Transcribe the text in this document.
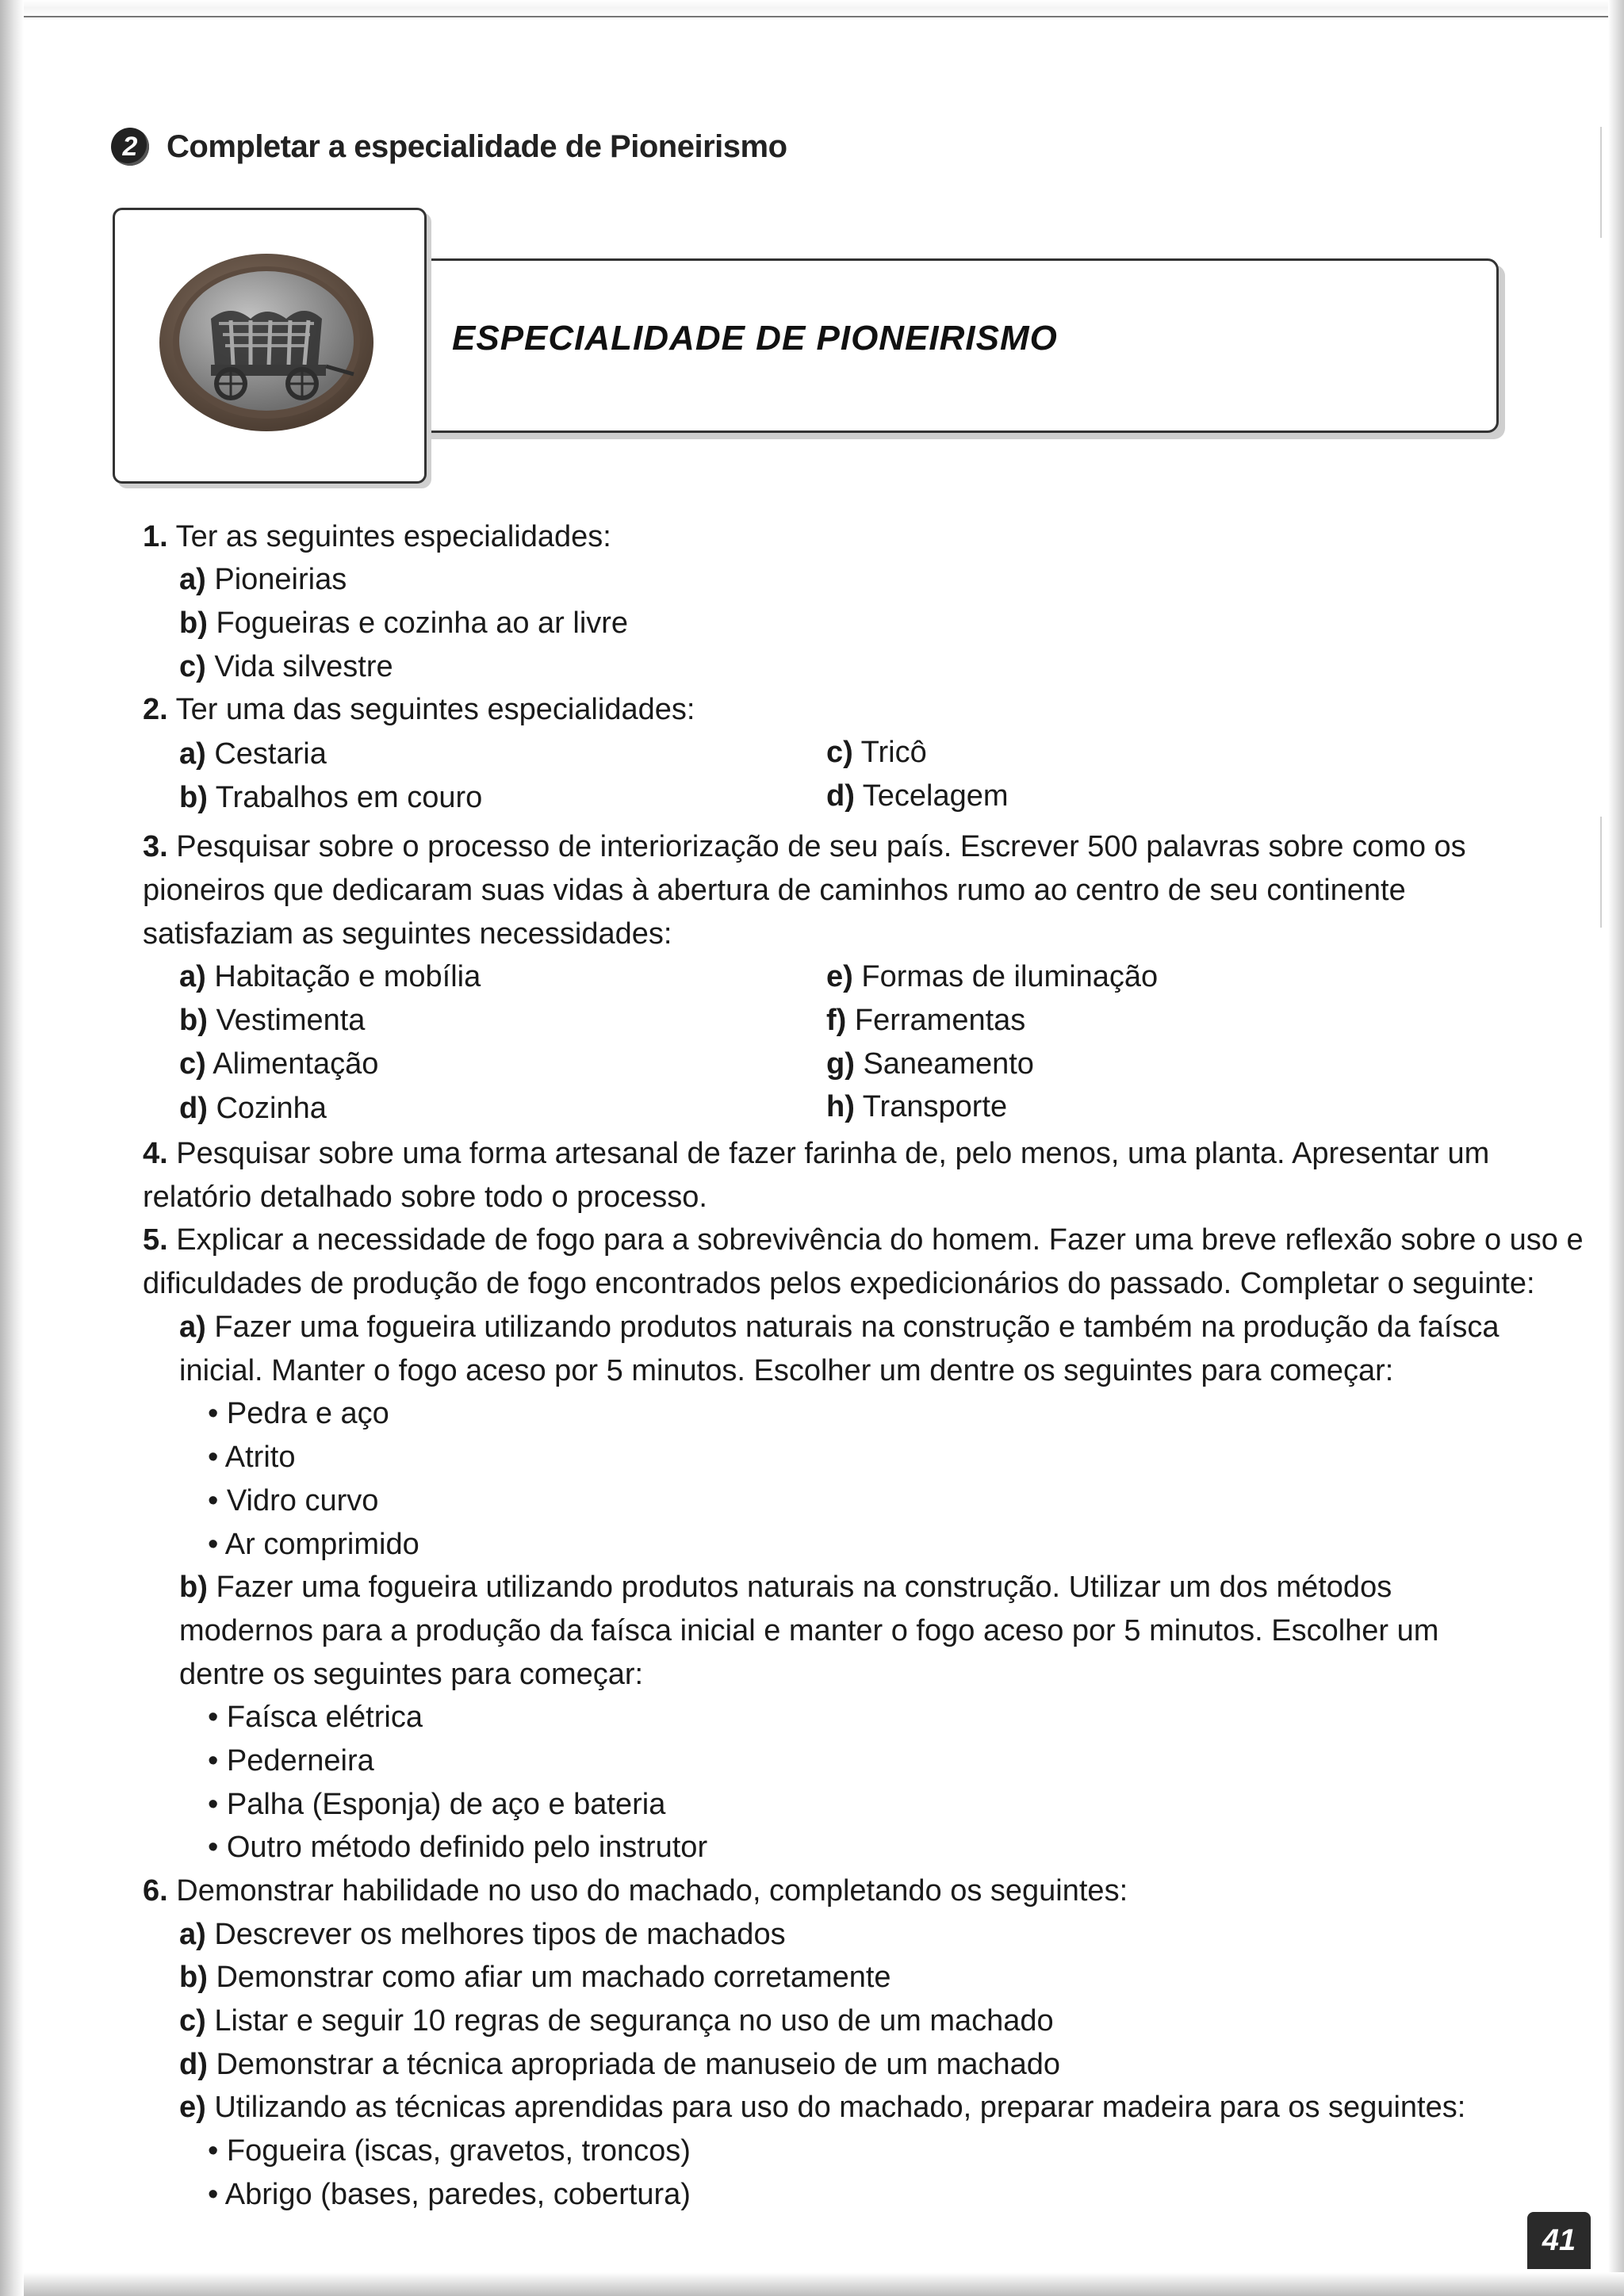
2 Completar a especialidade de Pioneirismo
ESPECIALIDADE DE PIONEIRISMO
1. Ter as seguintes especialidades:
a) Pioneirias
b) Fogueiras e cozinha ao ar livre
c) Vida silvestre
2. Ter uma das seguintes especialidades:
a) Cestaria	c) Tricô
b) Trabalhos em couro	d) Tecelagem
3. Pesquisar sobre o processo de interiorização de seu país. Escrever 500 palavras sobre como os
pioneiros que dedicaram suas vidas à abertura de caminhos rumo ao centro de seu continente
satisfaziam as seguintes necessidades:
a) Habitação e mobília	e) Formas de iluminação
b) Vestimenta	f) Ferramentas
c) Alimentação	g) Saneamento
d) Cozinha	h) Transporte
4. Pesquisar sobre uma forma artesanal de fazer farinha de, pelo menos, uma planta. Apresentar um
relatório detalhado sobre todo o processo.
5. Explicar a necessidade de fogo para a sobrevivência do homem. Fazer uma breve reflexão sobre o uso e
dificuldades de produção de fogo encontrados pelos expedicionários do passado. Completar o seguinte:
a) Fazer uma fogueira utilizando produtos naturais na construção e também na produção da faísca
inicial. Manter o fogo aceso por 5 minutos. Escolher um dentre os seguintes para começar:
• Pedra e aço
• Atrito
• Vidro curvo
• Ar comprimido
b) Fazer uma fogueira utilizando produtos naturais na construção. Utilizar um dos métodos
modernos para a produção da faísca inicial e manter o fogo aceso por 5 minutos. Escolher um
dentre os seguintes para começar:
• Faísca elétrica
• Pederneira
• Palha (Esponja) de aço e bateria
• Outro método definido pelo instrutor
6. Demonstrar habilidade no uso do machado, completando os seguintes:
a) Descrever os melhores tipos de machados
b) Demonstrar como afiar um machado corretamente
c) Listar e seguir 10 regras de segurança no uso de um machado
d) Demonstrar a técnica apropriada de manuseio de um machado
e) Utilizando as técnicas aprendidas para uso do machado, preparar madeira para os seguintes:
• Fogueira (iscas, gravetos, troncos)
• Abrigo (bases, paredes, cobertura)
41
